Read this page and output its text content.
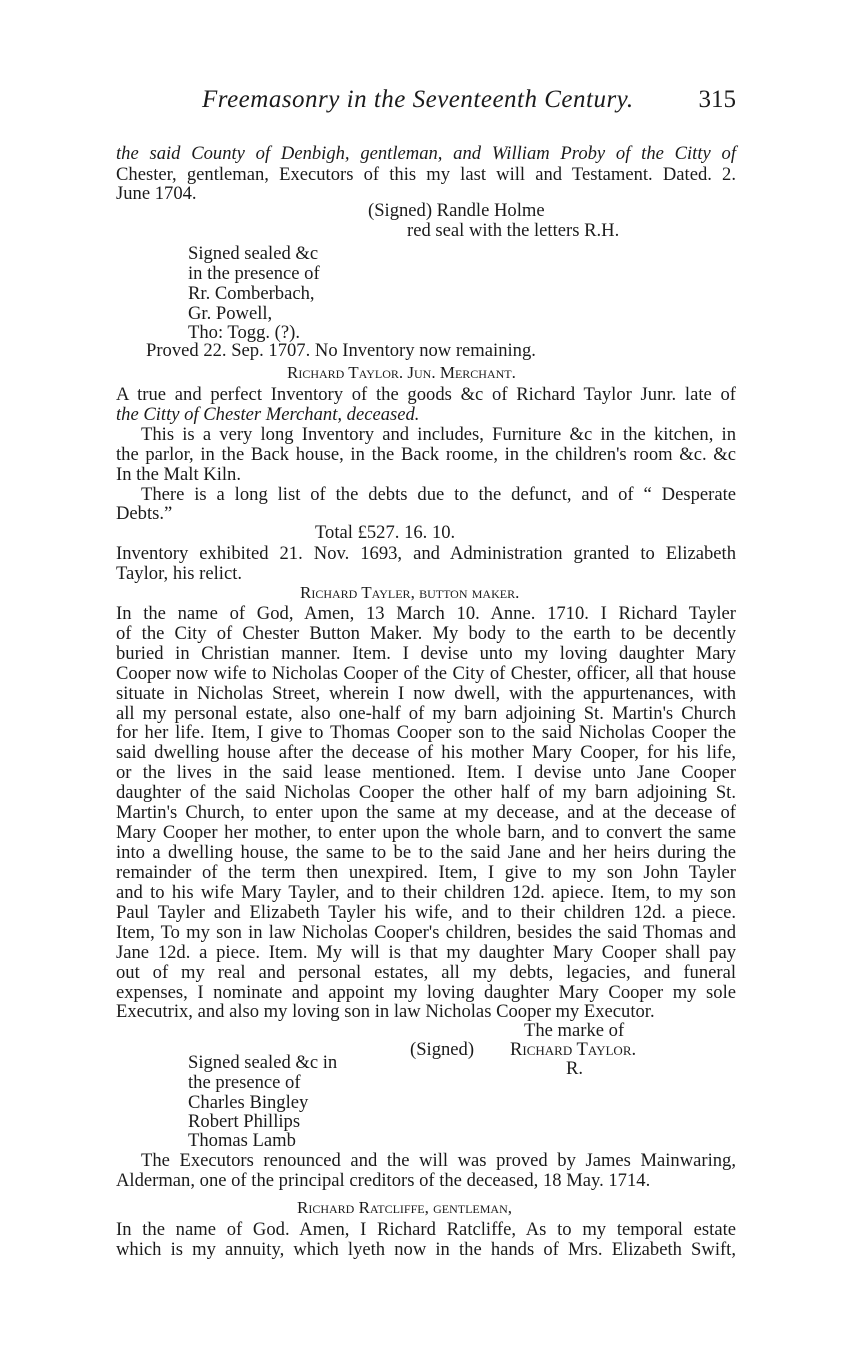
Freemasonry in the Seventeenth Century.	315
the said County of Denbigh, gentleman, and William Proby of the Citty of
Chester, gentleman, Executors of this my last will and Testament. Dated. 2.
June 1704.
(Signed) Randle Holme
red seal with the letters R.H.
Signed sealed &c
in the presence of
Rr. Comberbach,
Gr. Powell,
Tho: Togg. (?).
Proved 22. Sep. 1707. No Inventory now remaining.
Richard Taylor. Jun. Merchant.
A true and perfect Inventory of the goods &c of Richard Taylor Junr. late of
the Citty of Chester Merchant, deceased.
This is a very long Inventory and includes, Furniture &c in the kitchen, in
the parlor, in the Back house, in the Back roome, in the children's room &c. &c
In the Malt Kiln.
There is a long list of the debts due to the defunct, and of “ Desperate
Debts.”
Total £527. 16. 10.
Inventory exhibited 21. Nov. 1693, and Administration granted to Elizabeth
Taylor, his relict.
Richard Tayler, button maker.
In the name of God, Amen, 13 March 10. Anne. 1710. I Richard Tayler
of the City of Chester Button Maker. My body to the earth to be decently
buried in Christian manner. Item. I devise unto my loving daughter Mary
Cooper now wife to Nicholas Cooper of the City of Chester, officer, all that house
situate in Nicholas Street, wherein I now dwell, with the appurtenances, with
all my personal estate, also one-half of my barn adjoining St. Martin's Church
for her life. Item, I give to Thomas Cooper son to the said Nicholas Cooper the
said dwelling house after the decease of his mother Mary Cooper, for his life,
or the lives in the said lease mentioned. Item. I devise unto Jane Cooper
daughter of the said Nicholas Cooper the other half of my barn adjoining St.
Martin's Church, to enter upon the same at my decease, and at the decease of
Mary Cooper her mother, to enter upon the whole barn, and to convert the same
into a dwelling house, the same to be to the said Jane and her heirs during the
remainder of the term then unexpired. Item, I give to my son John Tayler
and to his wife Mary Tayler, and to their children 12d. apiece. Item, to my son
Paul Tayler and Elizabeth Tayler his wife, and to their children 12d. a piece.
Item, To my son in law Nicholas Cooper's children, besides the said Thomas and
Jane 12d. a piece. Item. My will is that my daughter Mary Cooper shall pay
out of my real and personal estates, all my debts, legacies, and funeral
expenses, I nominate and appoint my loving daughter Mary Cooper my sole
Executrix, and also my loving son in law Nicholas Cooper my Executor.
The marke of
(Signed) Richard Taylor.
Signed sealed &c in	R.
the presence of
Charles Bingley
Robert Phillips
Thomas Lamb
The Executors renounced and the will was proved by James Mainwaring,
Alderman, one of the principal creditors of the deceased, 18 May. 1714.
Richard Ratcliffe, gentleman,
In the name of God. Amen, I Richard Ratcliffe, As to my temporal estate
which is my annuity, which lyeth now in the hands of Mrs. Elizabeth Swift,
